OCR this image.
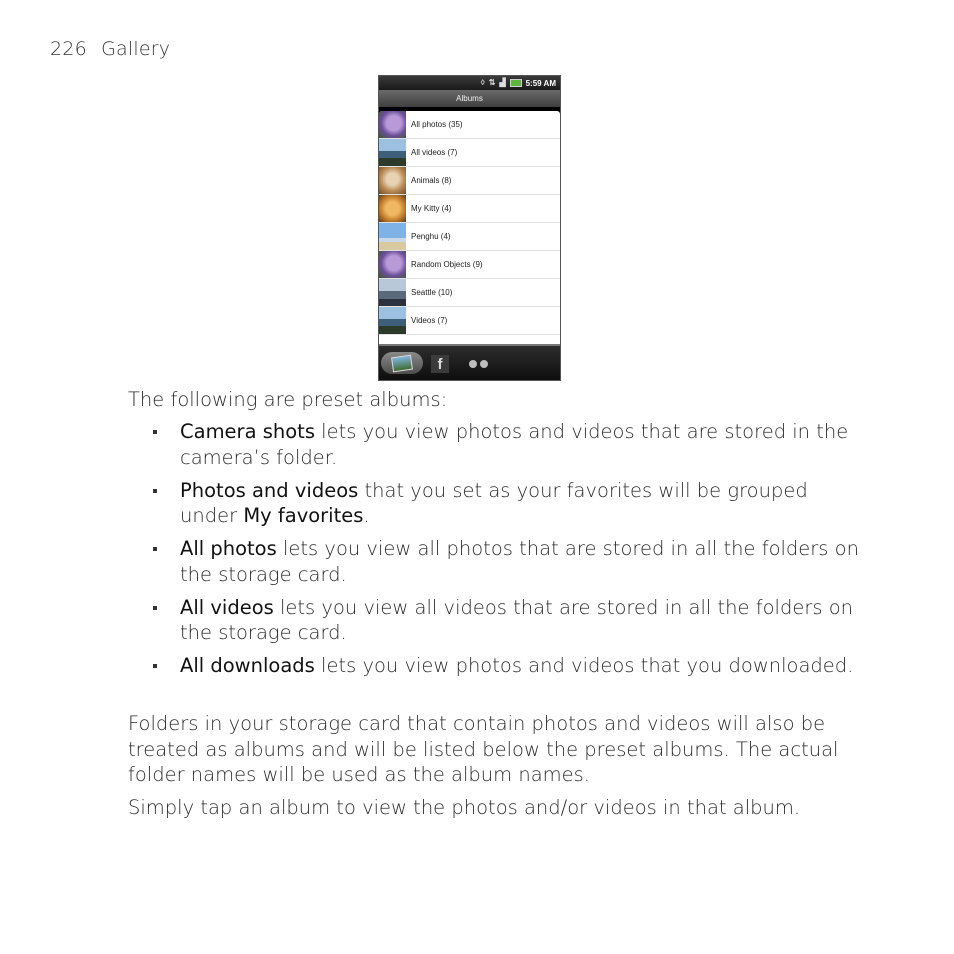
226 Gallery
◊ ⇅ ▟	5:59 AM
Albums
All photos (35)
All videos (7)
Animals (8)
My Kitty (4)
Penghu (4)
Random Objects (9)
Seattle (10)
Videos (7)
f

The following are preset albums:

Camera shots lets you view photos and videos that are stored in the camera’s folder.
Photos and videos that you set as your favorites will be grouped under My favorites.
All photos lets you view all photos that are stored in all the folders on the storage card.
All videos lets you view all videos that are stored in all the folders on the storage card.
All downloads lets you view photos and videos that you downloaded.

Folders in your storage card that contain photos and videos will also be treated as albums and will be listed below the preset albums. The actual folder names will be used as the album names.

Simply tap an album to view the photos and/or videos in that album.
